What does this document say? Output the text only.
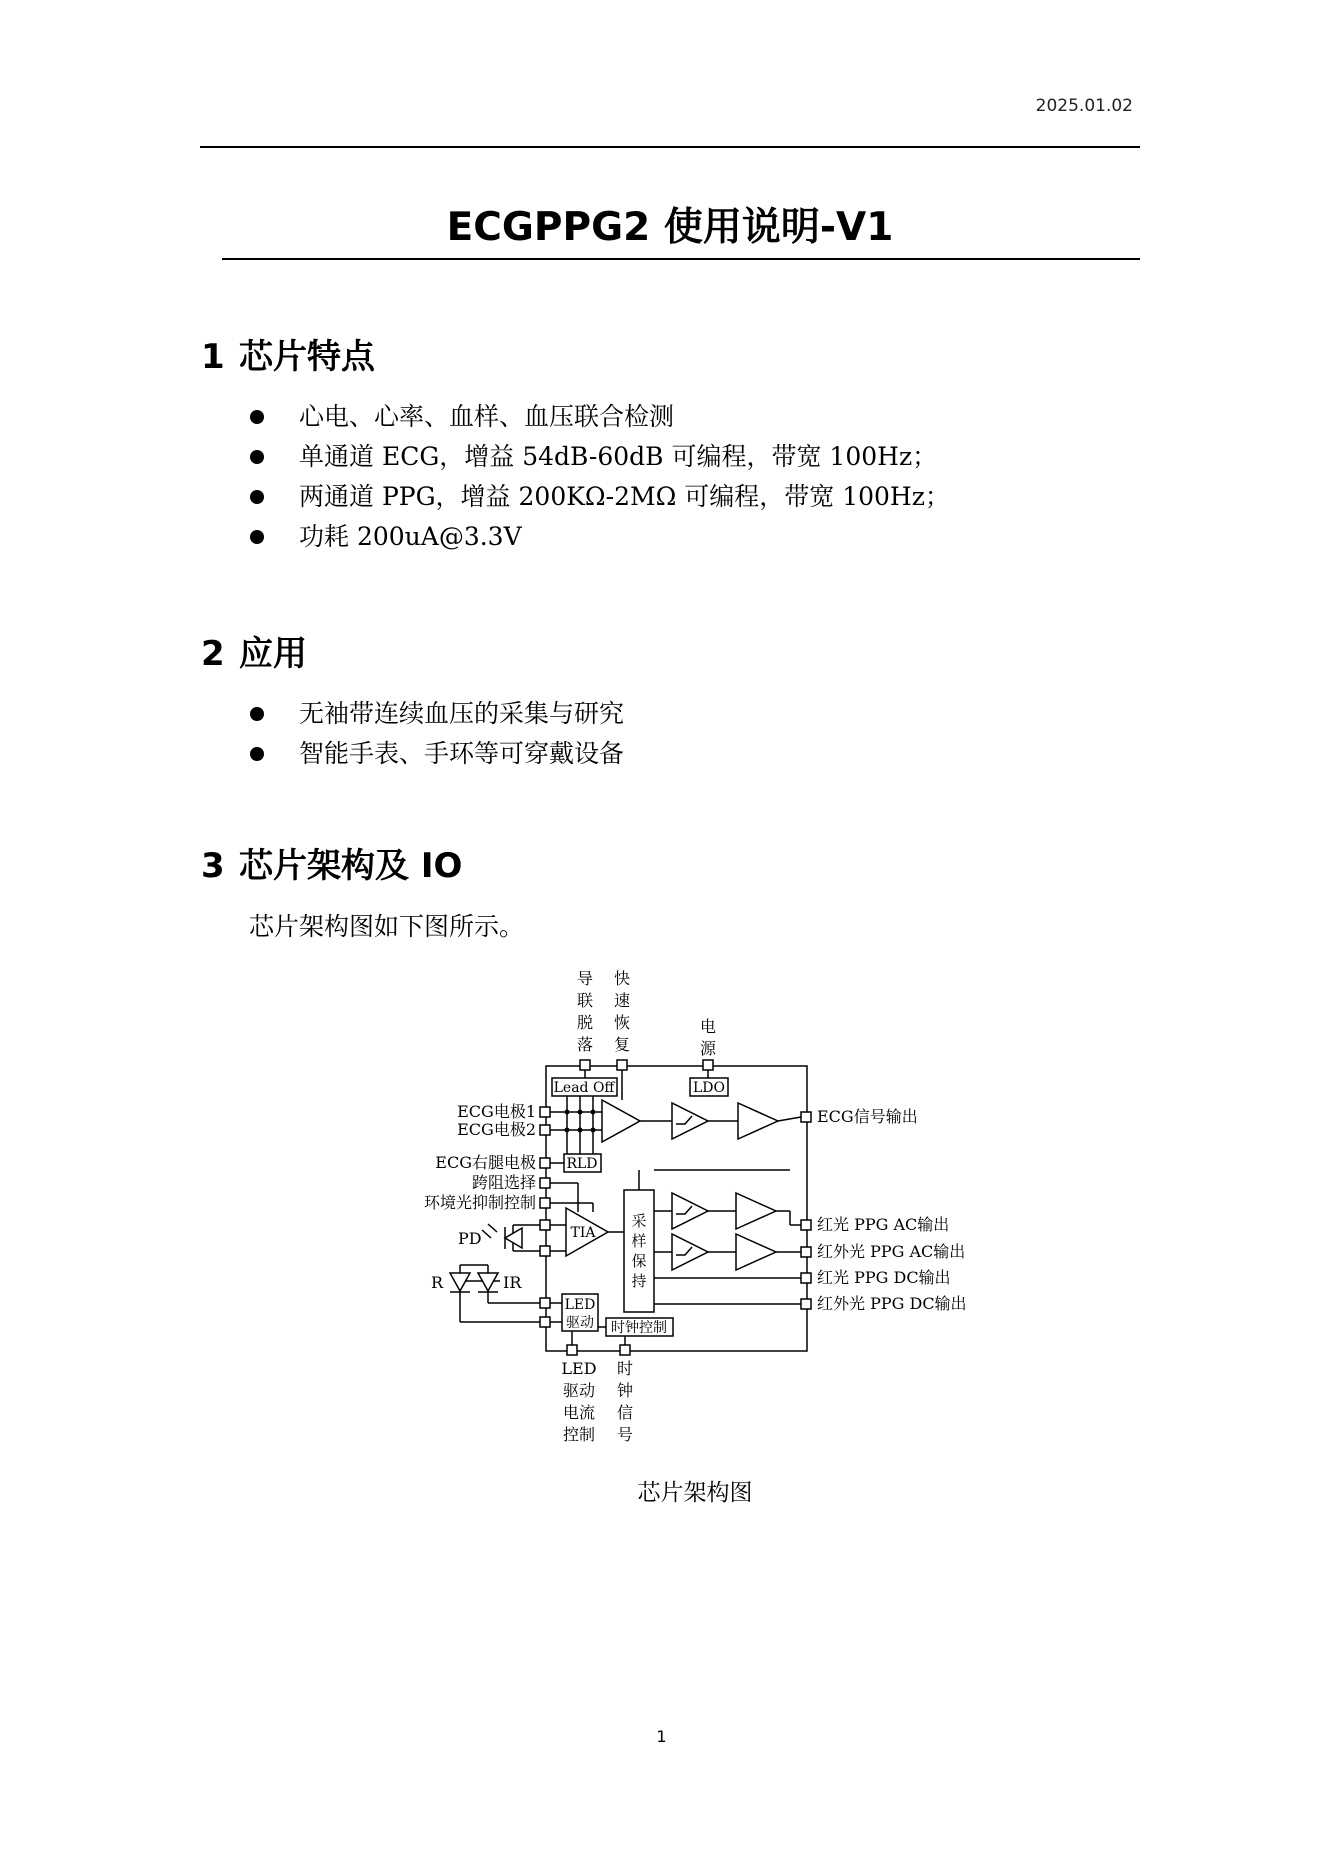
2025.01.02
ECGPPG2 使用说明-V1
1 芯片特点
心电、心率、血样、血压联合检测
单通道 ECG，增益 54dB-60dB 可编程，带宽 100Hz；
两通道 PPG，增益 200KΩ-2MΩ 可编程，带宽 100Hz；
功耗 200uA@3.3V
2 应用
无袖带连续血压的采集与研究
智能手表、手环等可穿戴设备
3 芯片架构及 IO
芯片架构图如下图所示。
导
联
脱
落
快
速
恢
复
电
源
Lead Off	LDO
RLD
TIA
采
样
保
持
LED
驱动 时钟控制
ECG电极1
ECG电极2
ECG右腿电极
跨阻选择
环境光抑制控制
PD
R	IR
ECG信号输出
红光 PPG AC输出
红外光 PPG AC输出
红光 PPG DC输出
红外光 PPG DC输出
LED
驱动
电流
控制
时
钟
信
号
芯片架构图
1
